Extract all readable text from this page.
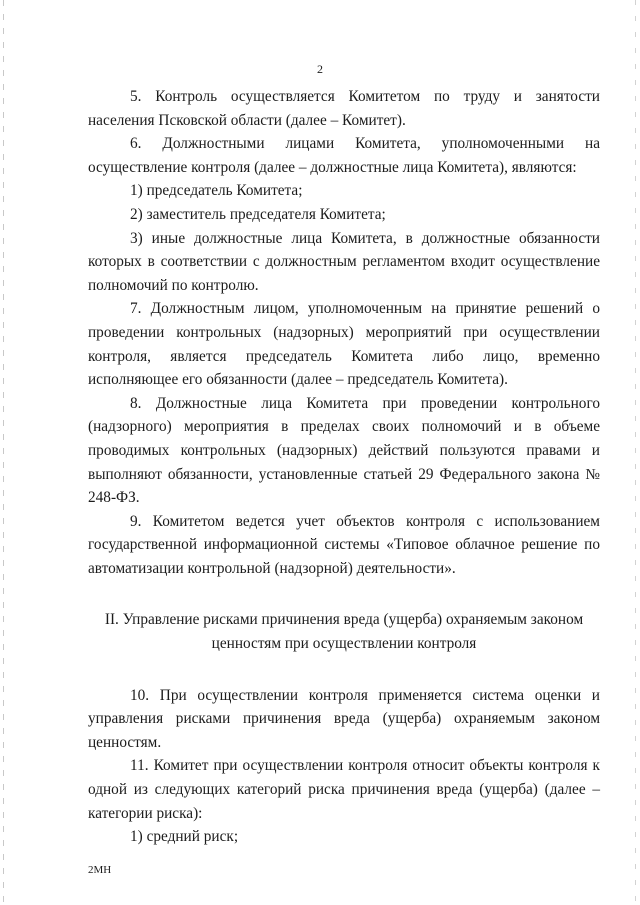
2

5. Контроль осуществляется Комитетом по труду и занятости населения Псковской области (далее – Комитет).

6. Должностными лицами Комитета, уполномоченными на осуществление контроля (далее – должностные лица Комитета), являются:

1) председатель Комитета;

2) заместитель председателя Комитета;

3) иные должностные лица Комитета, в должностные обязанности которых в соответствии с должностным регламентом входит осуществление полномочий по контролю.

7. Должностным лицом, уполномоченным на принятие решений о проведении контрольных (надзорных) мероприятий при осуществлении контроля, является председатель Комитета либо лицо, временно исполняющее его обязанности (далее – председатель Комитета).

8. Должностные лица Комитета при проведении контрольного (надзорного) мероприятия в пределах своих полномочий и в объеме проводимых контрольных (надзорных) действий пользуются правами и выполняют обязанности, установленные статьей 29 Федерального закона № 248-ФЗ.

9. Комитетом ведется учет объектов контроля с использованием государственной информационной системы «Типовое облачное решение по автоматизации контрольной (надзорной) деятельности».

II. Управление рисками причинения вреда (ущерба) охраняемым законом ценностям при осуществлении контроля

10. При осуществлении контроля применяется система оценки и управления рисками причинения вреда (ущерба) охраняемым законом ценностям.

11. Комитет при осуществлении контроля относит объекты контроля к одной из следующих категорий риска причинения вреда (ущерба) (далее – категории риска):

1) средний риск;

2МН
